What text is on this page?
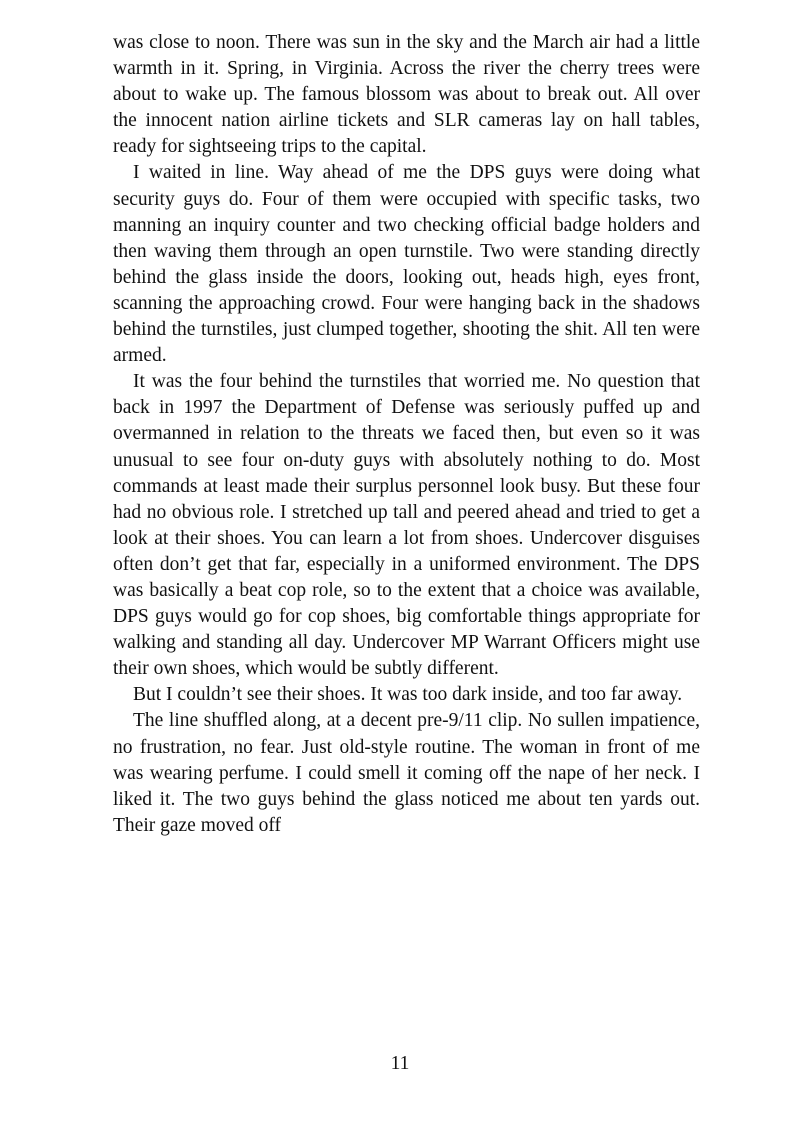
was close to noon. There was sun in the sky and the March air had a little warmth in it. Spring, in Virginia. Across the river the cherry trees were about to wake up. The famous blossom was about to break out. All over the innocent nation airline tickets and SLR cameras lay on hall tables, ready for sightseeing trips to the capital.

I waited in line. Way ahead of me the DPS guys were doing what security guys do. Four of them were occupied with specific tasks, two manning an inquiry counter and two checking official badge holders and then waving them through an open turnstile. Two were standing directly behind the glass inside the doors, looking out, heads high, eyes front, scanning the approaching crowd. Four were hanging back in the shadows behind the turnstiles, just clumped together, shooting the shit. All ten were armed.

It was the four behind the turnstiles that worried me. No question that back in 1997 the Department of Defense was seriously puffed up and overmanned in relation to the threats we faced then, but even so it was unusual to see four on-duty guys with absolutely nothing to do. Most commands at least made their surplus personnel look busy. But these four had no obvious role. I stretched up tall and peered ahead and tried to get a look at their shoes. You can learn a lot from shoes. Undercover disguises often don’t get that far, especially in a uniformed environment. The DPS was basically a beat cop role, so to the extent that a choice was available, DPS guys would go for cop shoes, big comfortable things appropriate for walking and standing all day. Undercover MP Warrant Officers might use their own shoes, which would be subtly different.

But I couldn’t see their shoes. It was too dark inside, and too far away.

The line shuffled along, at a decent pre-9/11 clip. No sullen impatience, no frustration, no fear. Just old-style routine. The woman in front of me was wearing perfume. I could smell it coming off the nape of her neck. I liked it. The two guys behind the glass noticed me about ten yards out. Their gaze moved off

11
